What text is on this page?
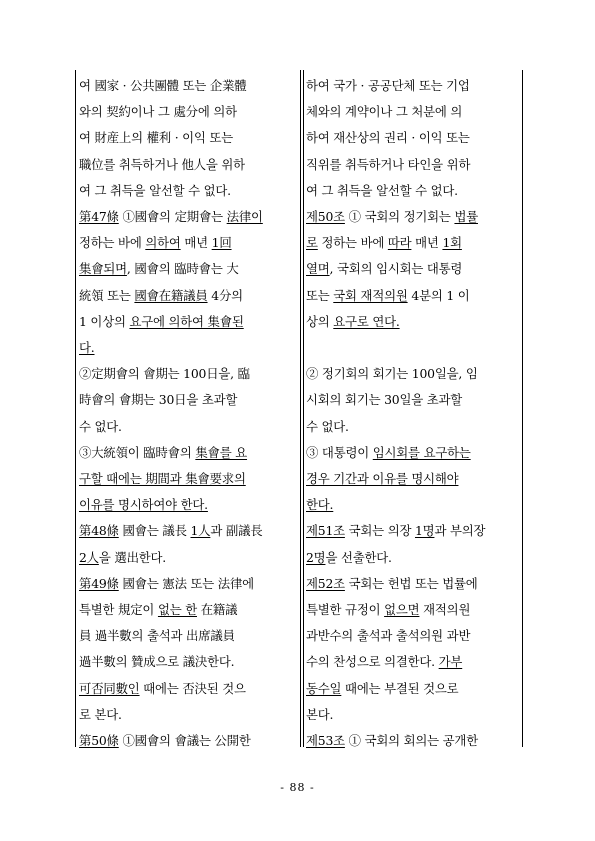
여 國家 · 公共團體 또는 企業體
와의 契約이나 그 處分에 의하
여 財産上의 權利 · 이익 또는
職位를 취득하거나 他人을 위하
여 그 취득을 알선할 수 없다.
第47條 ①國會의 定期會는 法律이
정하는 바에 의하여 매년 1回
集會되며, 國會의 臨時會는 大
統領 또는 國會在籍議員 4分의
1 이상의 요구에 의하여 集會된
다.
②定期會의 會期는 100日을, 臨
時會의 會期는 30日을 초과할
수 없다.
③大統領이 臨時會의 集會를 요
구할 때에는 期間과 集會要求의
이유를 명시하여야 한다.
第48條 國會는 議長 1人과 副議長
2人을 選出한다.
第49條 國會는 憲法 또는 法律에
특별한 規定이 없는 한 在籍議
員 過半數의 출석과 出席議員
過半數의 贊成으로 議決한다.
可否同數인 때에는 否決된 것으
로 본다.
第50條 ①國會의 會議는 公開한
하여 국가 · 공공단체 또는 기업
체와의 계약이나 그 처분에 의
하여 재산상의 권리 · 이익 또는
직위를 취득하거나 타인을 위하
여 그 취득을 알선할 수 없다.
제50조 ① 국회의 정기회는 법률
로 정하는 바에 따라 매년 1회
열며, 국회의 임시회는 대통령
또는 국회 재적의원 4분의 1 이
상의 요구로 연다.
② 정기회의 회기는 100일을, 임
시회의 회기는 30일을 초과할
수 없다.
③ 대통령이 임시회를 요구하는
경우 기간과 이유를 명시해야
한다.
제51조 국회는 의장 1명과 부의장
2명을 선출한다.
제52조 국회는 헌법 또는 법률에
특별한 규정이 없으면 재적의원
과반수의 출석과 출석의원 과반
수의 찬성으로 의결한다. 가부
동수일 때에는 부결된 것으로
본다.
제53조 ① 국회의 회의는 공개한
- 88 -
